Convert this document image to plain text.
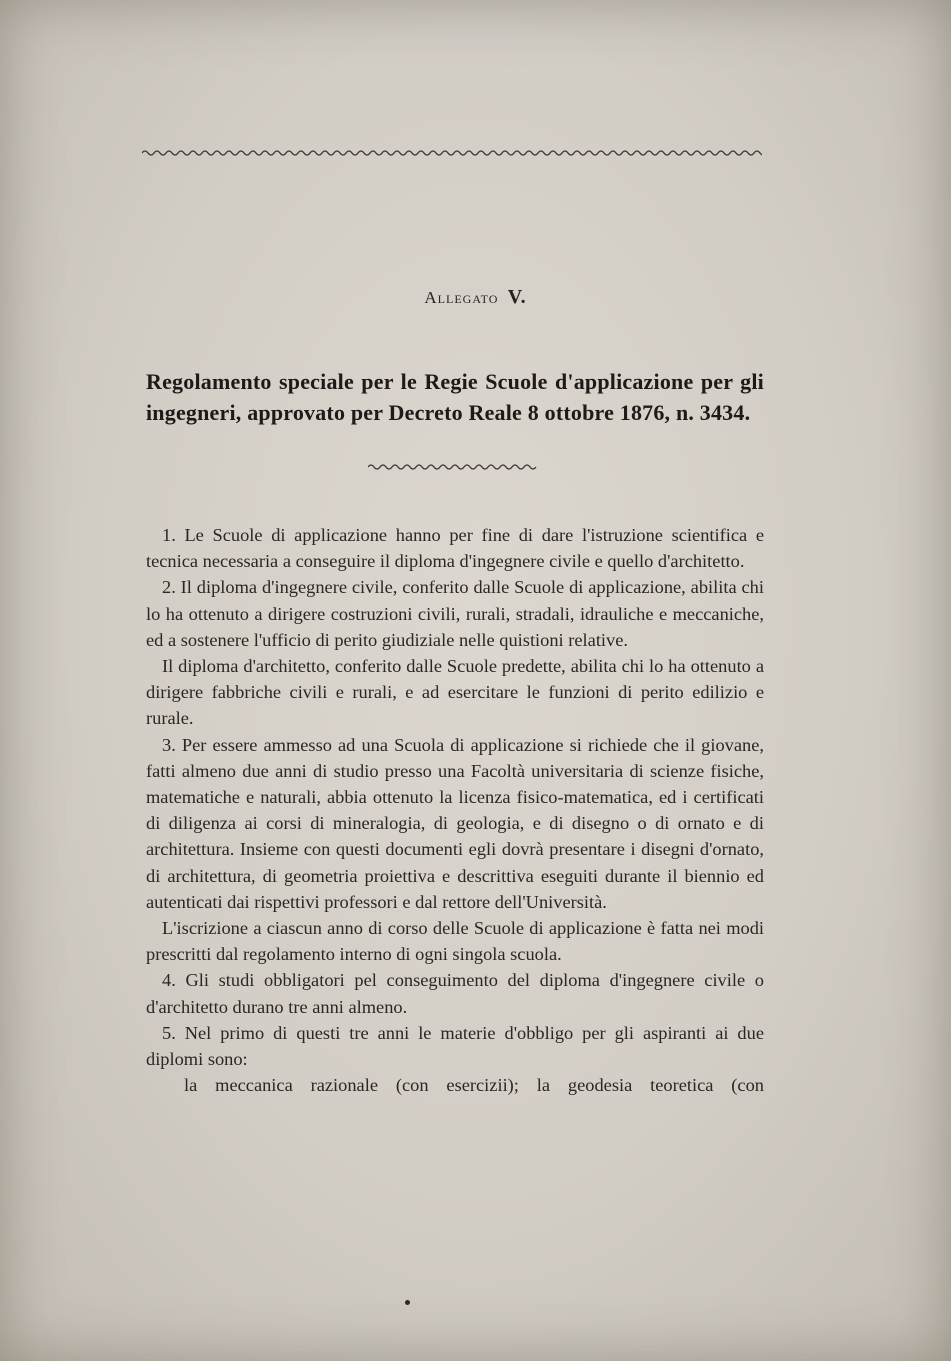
Allegato V.
Regolamento speciale per le Regie Scuole d'applicazione per gli ingegneri, approvato per Decreto Reale 8 ottobre 1876, n. 3434.

1. Le Scuole di applicazione hanno per fine di dare l'istruzione scientifica e tecnica necessaria a conseguire il diploma d'ingegnere civile e quello d'architetto.

2. Il diploma d'ingegnere civile, conferito dalle Scuole di applicazione, abilita chi lo ha ottenuto a dirigere costruzioni civili, rurali, stradali, idrauliche e meccaniche, ed a sostenere l'ufficio di perito giudiziale nelle quistioni relative.

Il diploma d'architetto, conferito dalle Scuole predette, abilita chi lo ha ottenuto a dirigere fabbriche civili e rurali, e ad esercitare le funzioni di perito edilizio e rurale.

3. Per essere ammesso ad una Scuola di applicazione si richiede che il giovane, fatti almeno due anni di studio presso una Facoltà universitaria di scienze fisiche, matematiche e naturali, abbia ottenuto la licenza fisico-matematica, ed i certificati di diligenza ai corsi di mineralogia, di geologia, e di disegno o di ornato e di architettura. Insieme con questi documenti egli dovrà presentare i disegni d'ornato, di architettura, di geometria proiettiva e descrittiva eseguiti durante il biennio ed autenticati dai rispettivi professori e dal rettore dell'Università.

L'iscrizione a ciascun anno di corso delle Scuole di applicazione è fatta nei modi prescritti dal regolamento interno di ogni singola scuola.

4. Gli studi obbligatori pel conseguimento del diploma d'ingegnere civile o d'architetto durano tre anni almeno.

5. Nel primo di questi tre anni le materie d'obbligo per gli aspiranti ai due diplomi sono:

la meccanica razionale (con esercizii); la geodesia teoretica (con
